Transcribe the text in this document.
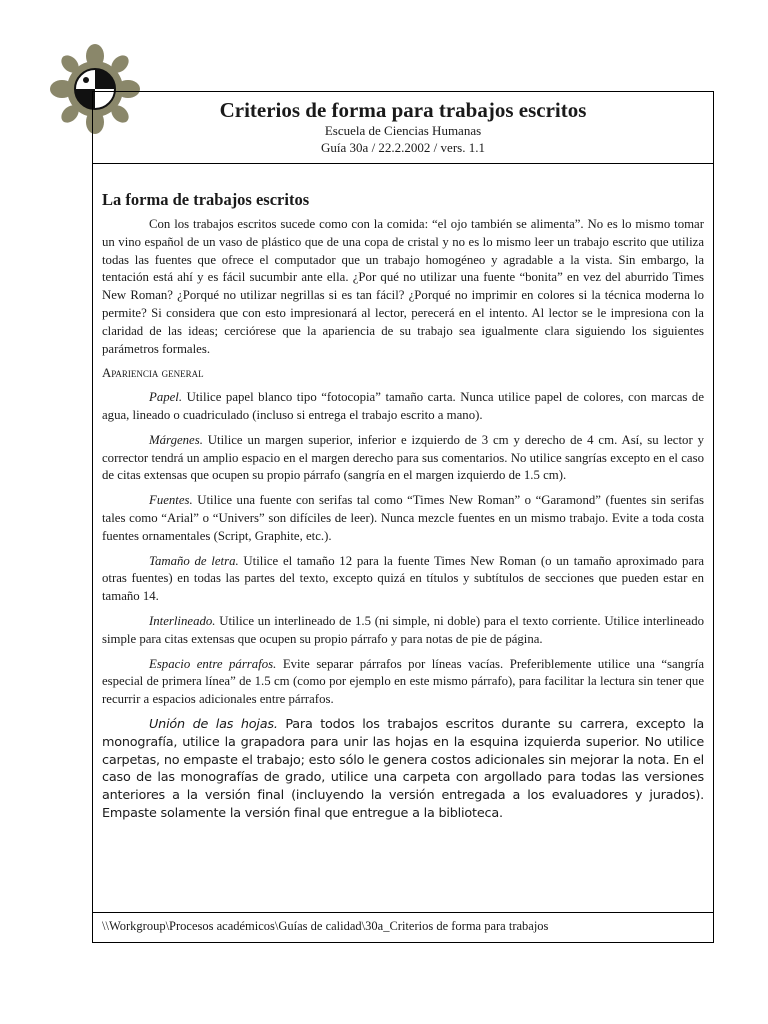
Criterios de forma para trabajos escritos
Escuela de Ciencias Humanas
Guía 30a / 22.2.2002 / vers. 1.1
La forma de trabajos escritos

Con los trabajos escritos sucede como con la comida: “el ojo también se alimenta”. No es lo mismo tomar un vino español de un vaso de plástico que de una copa de cristal y no es lo mismo leer un trabajo escrito que utiliza todas las fuentes que ofrece el computador que un trabajo homogéneo y agradable a la vista. Sin embargo, la tentación está ahí y es fácil sucumbir ante ella. ¿Por qué no utilizar una fuente “bonita” en vez del aburrido Times New Roman? ¿Porqué no utilizar negrillas si es tan fácil? ¿Porqué no imprimir en colores si la técnica moderna lo permite? Si considera que con esto impresionará al lector, perecerá en el intento. Al lector se le impresiona con la claridad de las ideas; cerciórese que la apariencia de su trabajo sea igualmente clara siguiendo los siguientes parámetros formales.

Apariencia general

Papel. Utilice papel blanco tipo “fotocopia” tamaño carta. Nunca utilice papel de colores, con marcas de agua, lineado o cuadriculado (incluso si entrega el trabajo escrito a mano).

Márgenes. Utilice un margen superior, inferior e izquierdo de 3 cm y derecho de 4 cm. Así, su lector y corrector tendrá un amplio espacio en el margen derecho para sus comentarios. No utilice sangrías excepto en el caso de citas extensas que ocupen su propio párrafo (sangría en el margen izquierdo de 1.5 cm).

Fuentes. Utilice una fuente con serifas tal como “Times New Roman” o “Garamond” (fuentes sin serifas tales como “Arial” o “Univers” son difíciles de leer). Nunca mezcle fuentes en un mismo trabajo. Evite a toda costa fuentes ornamentales (Script, Graphite, etc.).

Tamaño de letra. Utilice el tamaño 12 para la fuente Times New Roman (o un tamaño aproximado para otras fuentes) en todas las partes del texto, excepto quizá en títulos y subtítulos de secciones que pueden estar en tamaño 14.

Interlineado. Utilice un interlineado de 1.5 (ni simple, ni doble) para el texto corriente. Utilice interlineado simple para citas extensas que ocupen su propio párrafo y para notas de pie de página.

Espacio entre párrafos. Evite separar párrafos por líneas vacías. Preferiblemente utilice una “sangría especial de primera línea” de 1.5 cm (como por ejemplo en este mismo párrafo), para facilitar la lectura sin tener que recurrir a espacios adicionales entre párrafos.

Unión de las hojas. Para todos los trabajos escritos durante su carrera, excepto la monografía, utilice la grapadora para unir las hojas en la esquina izquierda superior. No utilice carpetas, no empaste el trabajo; esto sólo le genera costos adicionales sin mejorar la nota. En el caso de las monografías de grado, utilice una carpeta con argollado para todas las versiones anteriores a la versión final (incluyendo la versión entregada a los evaluadores y jurados). Empaste solamente la versión final que entregue a la biblioteca.

\\Workgroup\Procesos académicos\Guías de calidad\30a_Criterios de forma para trabajos
